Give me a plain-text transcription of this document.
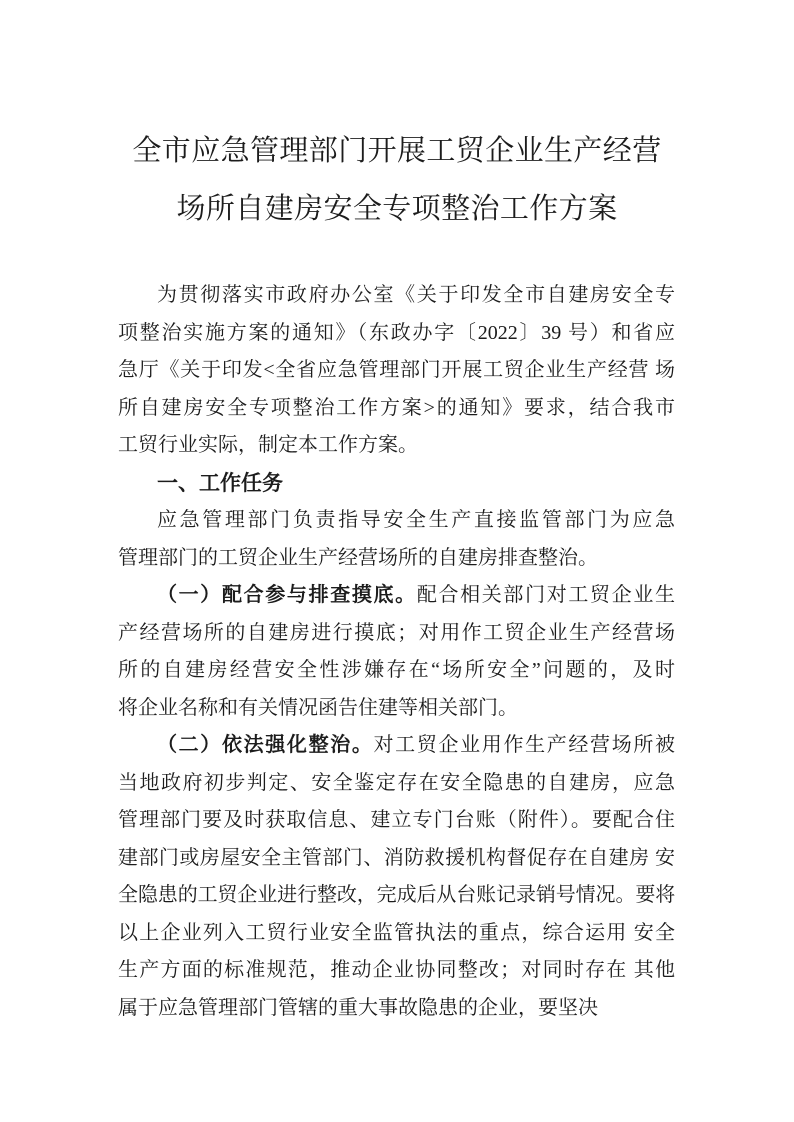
全市应急管理部门开展工贸企业生产经营
场所自建房安全专项整治工作方案
为贯彻落实市政府办公室《关于印发全市自建房安全专
项整治实施方案的通知》（东政办字〔2022〕39 号）和省应
急厅《关于印发<全省应急管理部门开展工贸企业生产经营 场
所自建房安全专项整治工作方案>的通知》要求，结合我市
工贸行业实际，制定本工作方案。
一、工作任务
应急管理部门负责指导安全生产直接监管部门为应急
管理部门的工贸企业生产经营场所的自建房排查整治。
（一）配合参与排查摸底。配合相关部门对工贸企业生
产经营场所的自建房进行摸底；对用作工贸企业生产经营场
所的自建房经营安全性涉嫌存在“场所安全”问题的，及时
将企业名称和有关情况函告住建等相关部门。
（二）依法强化整治。对工贸企业用作生产经营场所被
当地政府初步判定、安全鉴定存在安全隐患的自建房，应急
管理部门要及时获取信息、建立专门台账（附件）。要配合住
建部门或房屋安全主管部门、消防救援机构督促存在自建房 安
全隐患的工贸企业进行整改，完成后从台账记录销号情况。要将
以上企业列入工贸行业安全监管执法的重点，综合运用 安全
生产方面的标准规范，推动企业协同整改；对同时存在 其他
属于应急管理部门管辖的重大事故隐患的企业，要坚决
